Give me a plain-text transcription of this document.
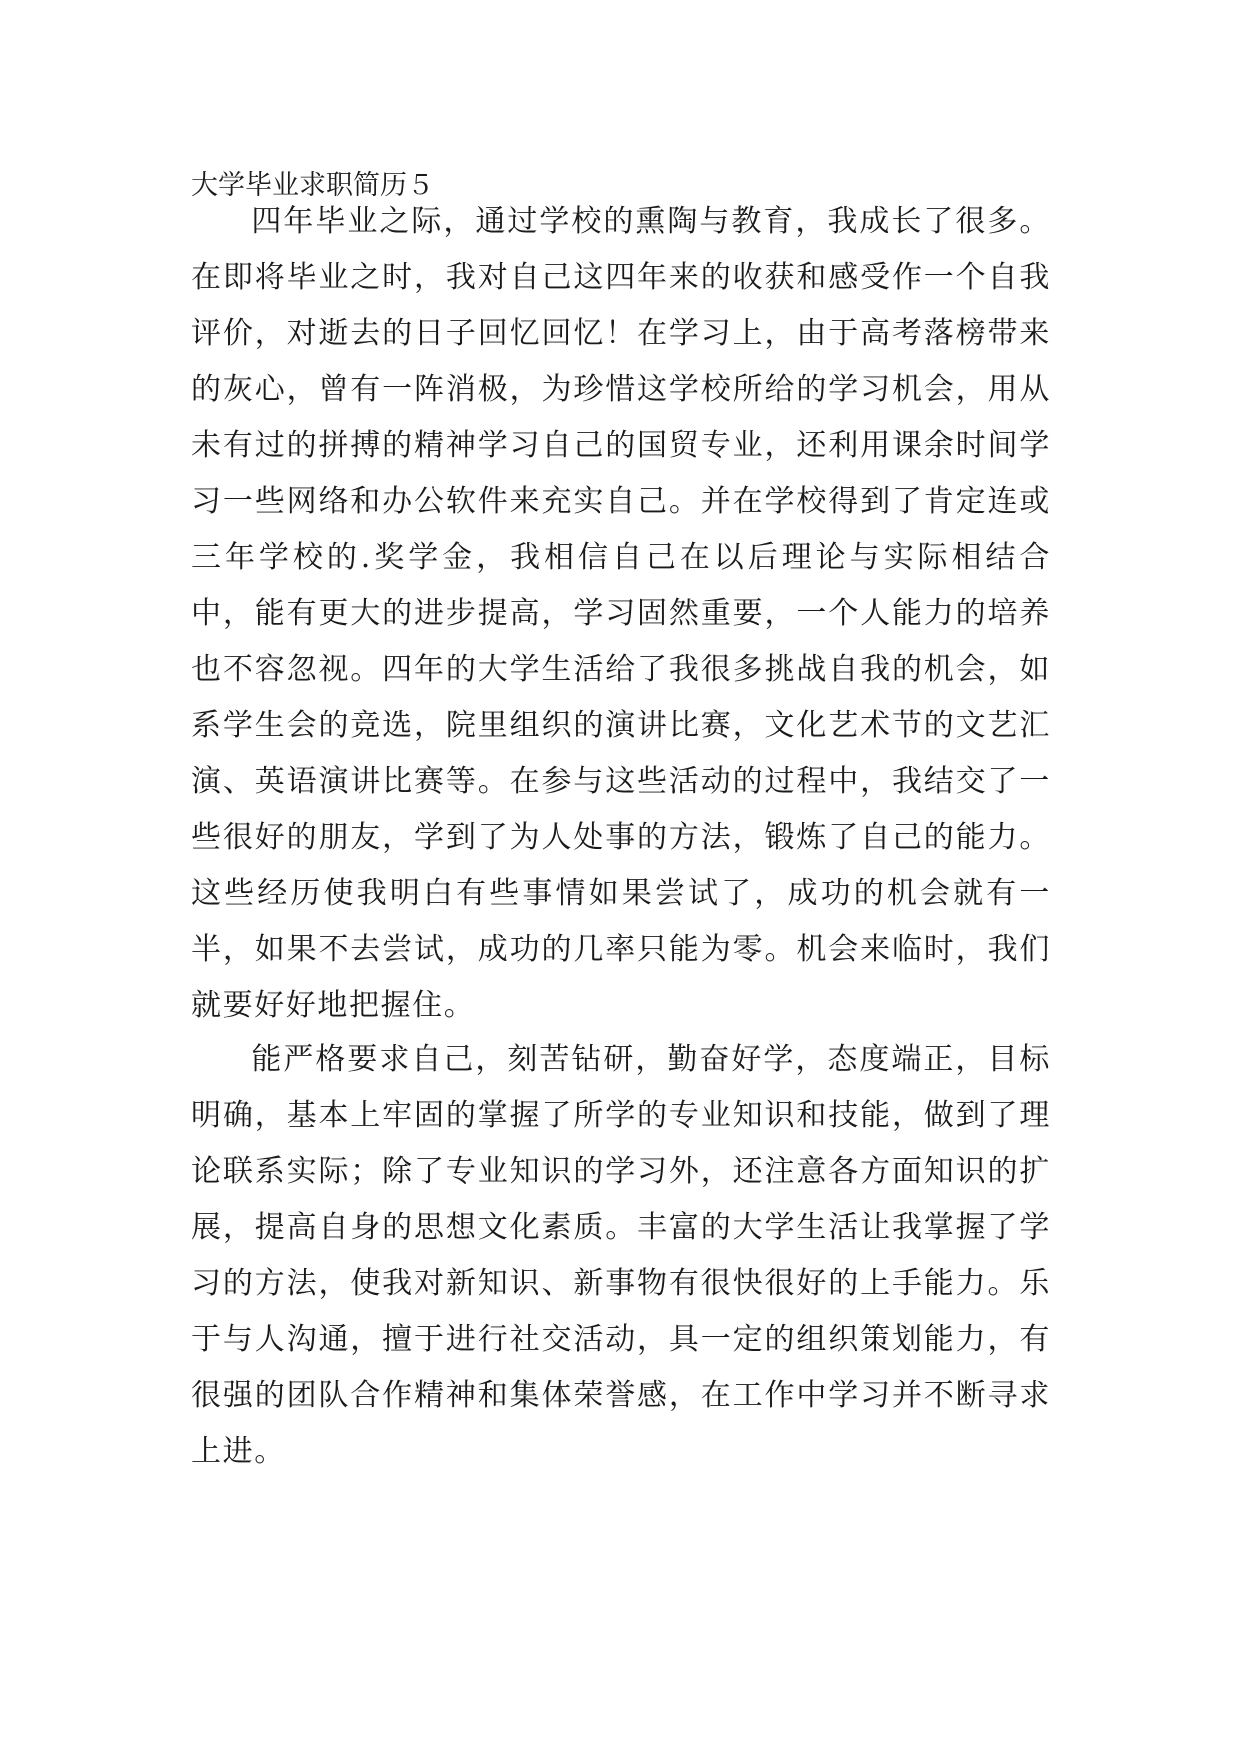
大学毕业求职简历５
四年毕业之际，通过学校的熏陶与教育，我成长了很多。在即将毕业之时，我对自己这四年来的收获和感受作一个自我评价，对逝去的日子回忆回忆！在学习上，由于高考落榜带来的灰心，曾有一阵消极，为珍惜这学校所给的学习机会，用从未有过的拼搏的精神学习自己的国贸专业，还利用课余时间学习一些网络和办公软件来充实自己。并在学校得到了肯定连或三年学校的.奖学金，我相信自己在以后理论与实际相结合中，能有更大的进步提高，学习固然重要，一个人能力的培养也不容忽视。四年的大学生活给了我很多挑战自我的机会，如系学生会的竞选，院里组织的演讲比赛，文化艺术节的文艺汇演、英语演讲比赛等。在参与这些活动的过程中，我结交了一些很好的朋友，学到了为人处事的方法，锻炼了自己的能力。这些经历使我明白有些事情如果尝试了，成功的机会就有一半，如果不去尝试，成功的几率只能为零。机会来临时，我们就要好好地把握住。
能严格要求自己，刻苦钻研，勤奋好学，态度端正，目标明确，基本上牢固的掌握了所学的专业知识和技能，做到了理论联系实际；除了专业知识的学习外，还注意各方面知识的扩展，提高自身的思想文化素质。丰富的大学生活让我掌握了学习的方法，使我对新知识、新事物有很快很好的上手能力。乐于与人沟通，擅于进行社交活动，具一定的组织策划能力，有很强的团队合作精神和集体荣誉感，在工作中学习并不断寻求上进。
